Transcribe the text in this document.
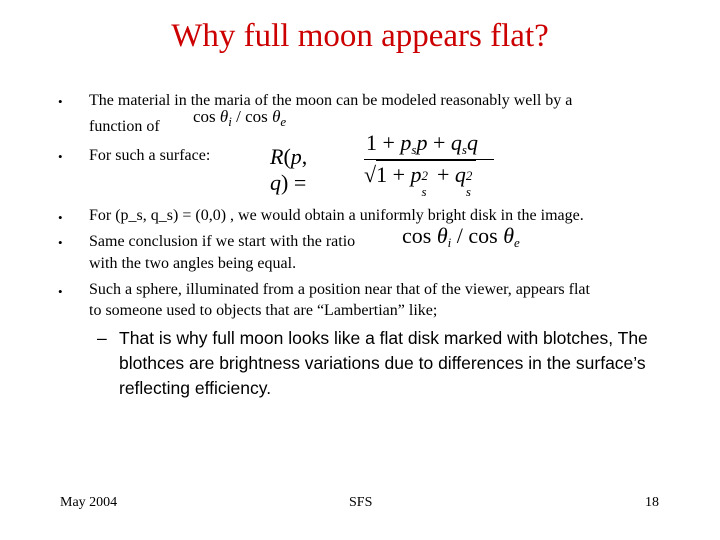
Why full moon appears flat?
• The material in the maria of the moon can be modeled reasonably well by a
function of
$\cos \theta_i$ / $\cos \theta_e$
• For such a surface:	R(p, q) =
$1 + p_sp + q_sq$
√1 + p 2
s
+ q 2
s
• For (p_s, q_s) = (0,0) , we would obtain a uniformly bright disk in the image.
• Same conclusion if we start with the ratio
with the two angles being equal.
$\cos \theta_i$ / $\cos \theta_e$
• Such a sphere, illuminated from a position near that of the viewer, appears flat
to someone used to objects that are “Lambertian” like;
– That is why full moon looks like a flat disk marked with blotches, The blothces are brightness variations due to differences in the surface’s reflecting efficiency.
May 2004	SFS	18
